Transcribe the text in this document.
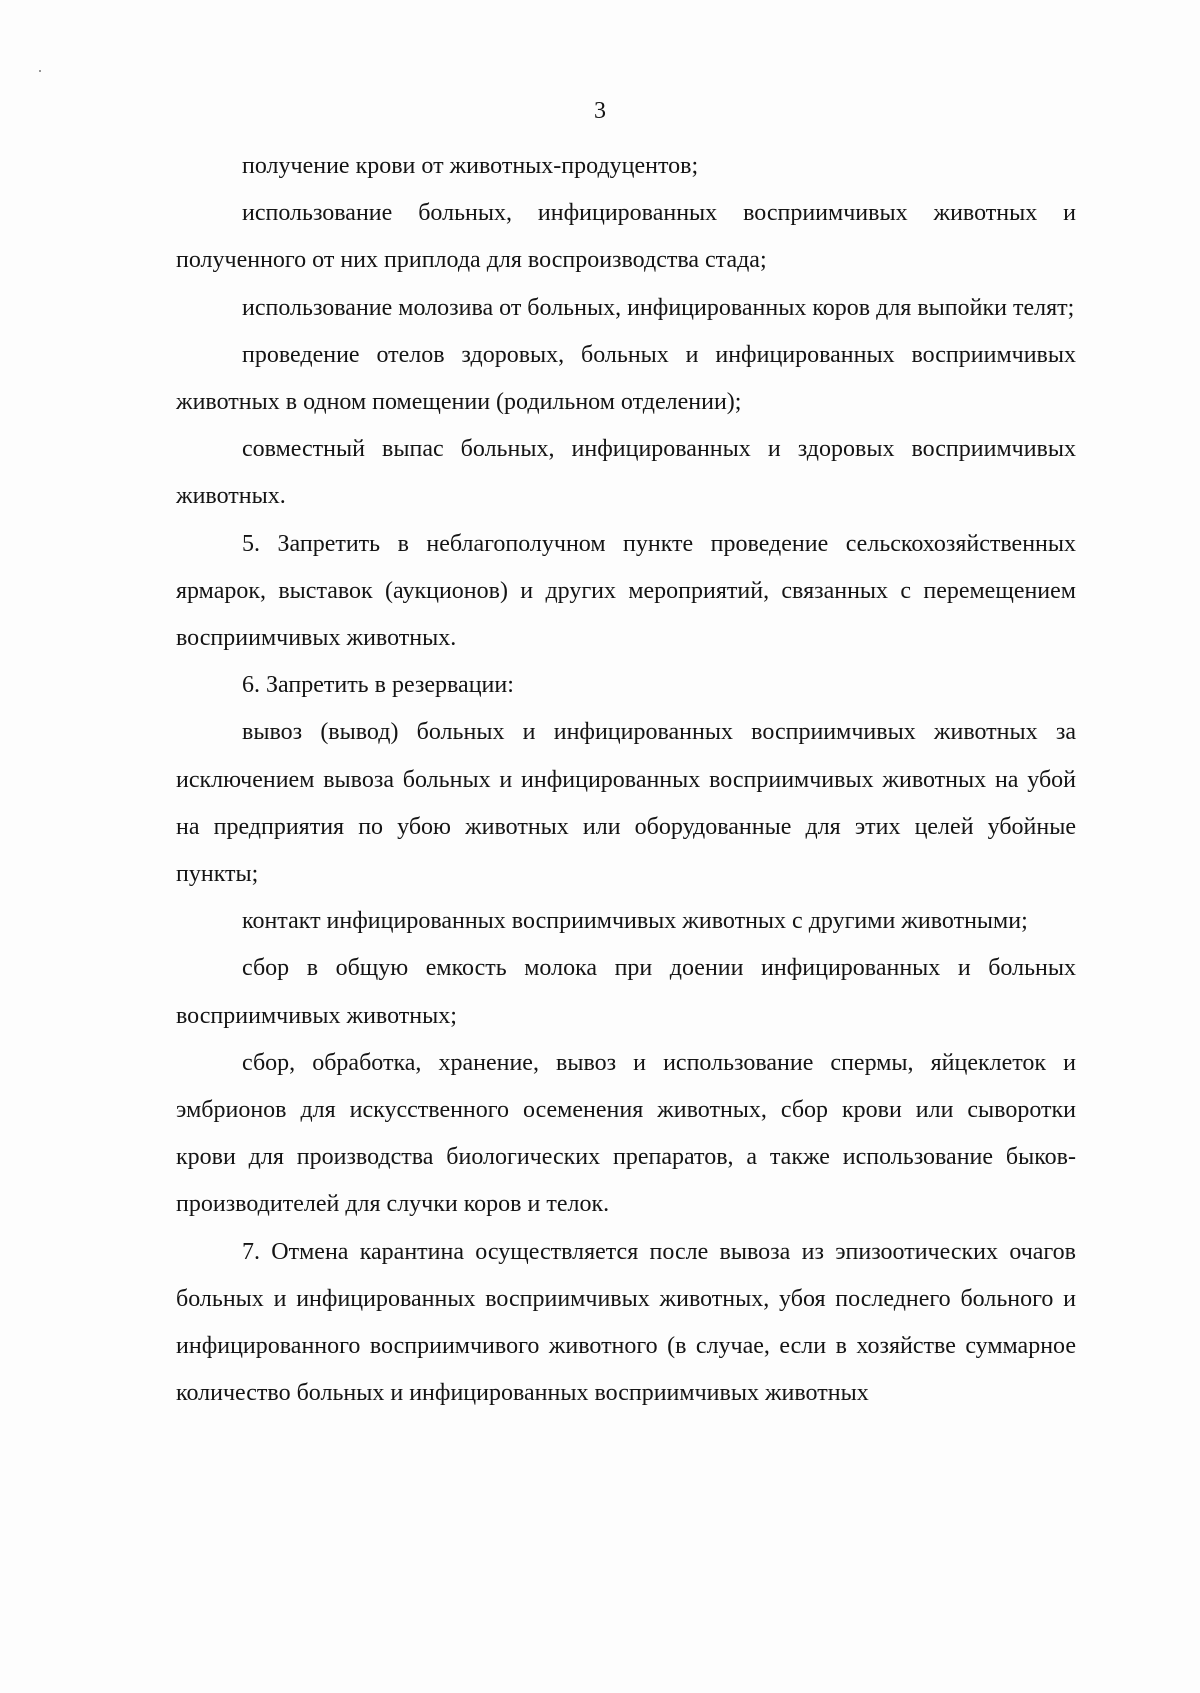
3

получение крови от животных-продуцентов;

использование больных, инфицированных восприимчивых животных и полученного от них приплода для воспроизводства стада;

использование молозива от больных, инфицированных коров для выпойки телят;

проведение отелов здоровых, больных и инфицированных восприимчивых животных в одном помещении (родильном отделении);

совместный выпас больных, инфицированных и здоровых восприимчивых животных.

5. Запретить в неблагополучном пункте проведение сельскохозяйственных ярмарок, выставок (аукционов) и других мероприятий, связанных с перемещением восприимчивых животных.

6. Запретить в резервации:

вывоз (вывод) больных и инфицированных восприимчивых животных за исключением вывоза больных и инфицированных восприимчивых животных на убой на предприятия по убою животных или оборудованные для этих целей убойные пункты;

контакт инфицированных восприимчивых животных с другими животными;

сбор в общую емкость молока при доении инфицированных и больных восприимчивых животных;

сбор, обработка, хранение, вывоз и использование спермы, яйцеклеток и эмбрионов для искусственного осеменения животных, сбор крови или сыворотки крови для производства биологических препаратов, а также использование быков-производителей для случки коров и телок.

7. Отмена карантина осуществляется после вывоза из эпизоотических очагов больных и инфицированных восприимчивых животных, убоя последнего больного и инфицированного восприимчивого животного (в случае, если в хозяйстве суммарное количество больных и инфицированных восприимчивых животных
